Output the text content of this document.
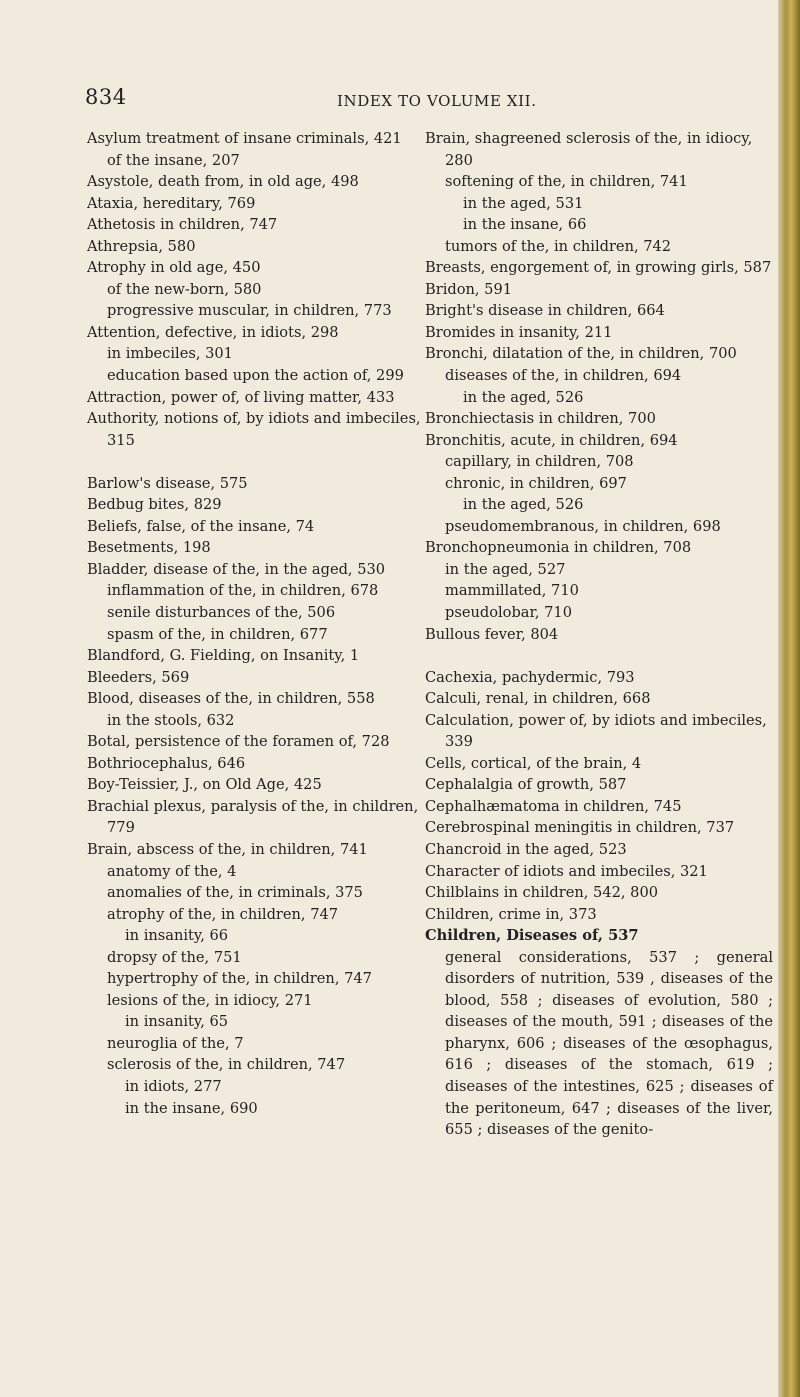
834	INDEX TO VOLUME XII.
Asylum treatment of insane criminals, 421
of the insane, 207
Asystole, death from, in old age, 498
Ataxia, hereditary, 769
Athetosis in children, 747
Athrepsia, 580
Atrophy in old age, 450
of the new-born, 580
progressive muscular, in children, 773
Attention, defective, in idiots, 298
in imbeciles, 301
education based upon the action of, 299
Attraction, power of, of living matter, 433
Authority, notions of, by idiots and imbeciles, 315
Barlow's disease, 575
Bedbug bites, 829
Beliefs, false, of the insane, 74
Besetments, 198
Bladder, disease of the, in the aged, 530
inflammation of the, in children, 678
senile disturbances of the, 506
spasm of the, in children, 677
Blandford, G. Fielding, on Insanity, 1
Bleeders, 569
Blood, diseases of the, in children, 558
in the stools, 632
Botal, persistence of the foramen of, 728
Bothriocephalus, 646
Boy-Teissier, J., on Old Age, 425
Brachial plexus, paralysis of the, in children, 779
Brain, abscess of the, in children, 741
anatomy of the, 4
anomalies of the, in criminals, 375
atrophy of the, in children, 747
in insanity, 66
dropsy of the, 751
hypertrophy of the, in children, 747
lesions of the, in idiocy, 271
in insanity, 65
neuroglia of the, 7
sclerosis of the, in children, 747
in idiots, 277
in the insane, 690
Brain, shagreened sclerosis of the, in idiocy, 280
softening of the, in children, 741
in the aged, 531
in the insane, 66
tumors of the, in children, 742
Breasts, engorgement of, in growing girls, 587
Bridon, 591
Bright's disease in children, 664
Bromides in insanity, 211
Bronchi, dilatation of the, in children, 700
diseases of the, in children, 694
in the aged, 526
Bronchiectasis in children, 700
Bronchitis, acute, in children, 694
capillary, in children, 708
chronic, in children, 697
in the aged, 526
pseudomembranous, in children, 698
Bronchopneumonia in children, 708
in the aged, 527
mammillated, 710
pseudolobar, 710
Bullous fever, 804
Cachexia, pachydermic, 793
Calculi, renal, in children, 668
Calculation, power of, by idiots and imbeciles, 339
Cells, cortical, of the brain, 4
Cephalalgia of growth, 587
Cephalhæmatoma in children, 745
Cerebrospinal meningitis in children, 737
Chancroid in the aged, 523
Character of idiots and imbeciles, 321
Chilblains in children, 542, 800
Children, crime in, 373
Children, Diseases of, 537
general considerations, 537 ; general disorders of nutrition, 539 , diseases of the blood, 558 ; diseases of evolution, 580 ; diseases of the mouth, 591 ; diseases of the pharynx, 606 ; diseases of the œsophagus, 616 ; diseases of the stomach, 619 ; diseases of the intestines, 625 ; diseases of the peritoneum, 647 ; diseases of the liver, 655 ; diseases of the genito-
